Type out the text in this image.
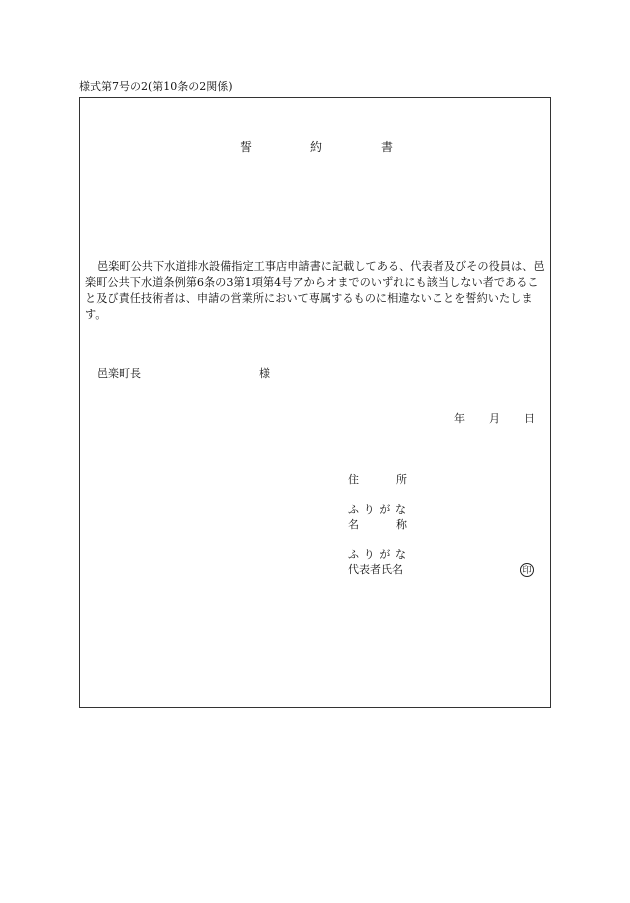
様式第7号の2(第10条の2関係)
誓	約	書

邑楽町公共下水道排水設備指定工事店申請書に記載してある、代表者及びその役員は、邑楽町公共下水道条例第6条の3第1項第4号アからオまでのいずれにも該当しない者であること及び責任技術者は、申請の営業所において専属するものに相違ないことを誓約いたします。

邑楽町長	様
年 月 日
住	所
ふ り が な
名	称
ふ り が な
代表者氏名	印
